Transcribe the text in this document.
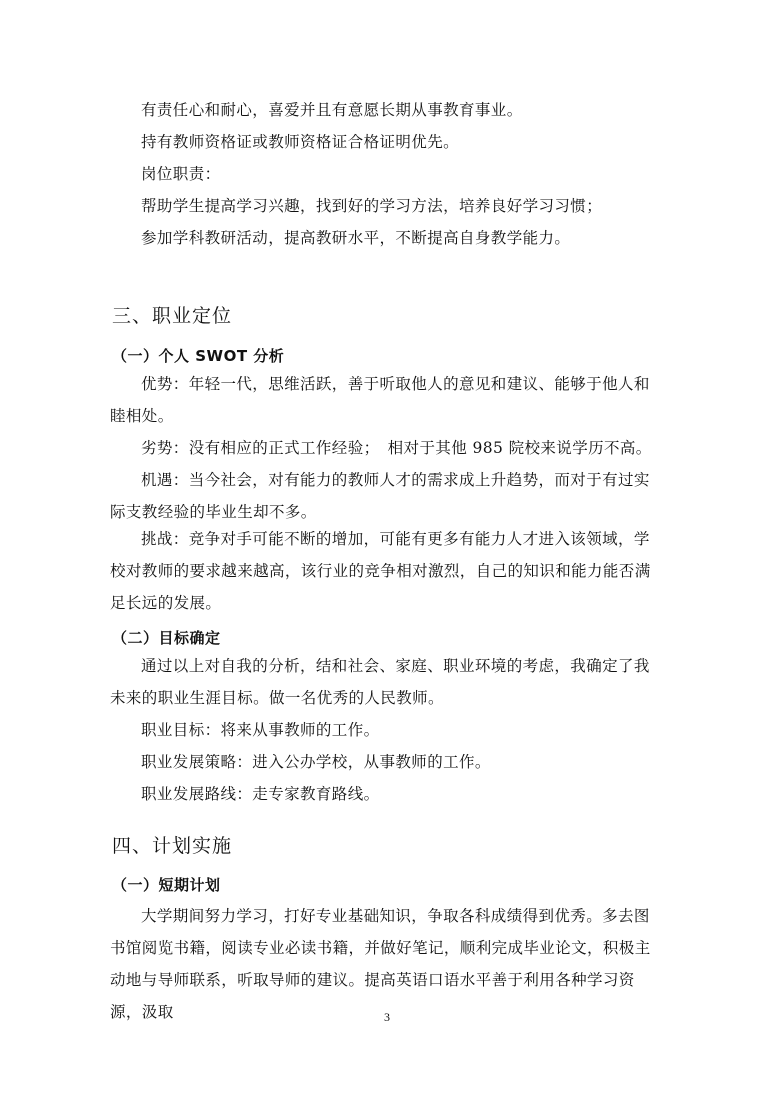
有责任心和耐心，喜爱并且有意愿长期从事教育事业。

持有教师资格证或教师资格证合格证明优先。

岗位职责：

帮助学生提高学习兴趣，找到好的学习方法，培养良好学习习惯；

参加学科教研活动，提高教研水平，不断提高自身教学能力。

三、职业定位
（一）个人 SWOT 分析

优势：年轻一代，思维活跃，善于听取他人的意见和建议、能够于他人和睦相处。

劣势：没有相应的正式工作经验；　相对于其他 985 院校来说学历不高。

机遇：当今社会，对有能力的教师人才的需求成上升趋势，而对于有过实际支教经验的毕业生却不多。

挑战：竞争对手可能不断的增加，可能有更多有能力人才进入该领域，学校对教师的要求越来越高，该行业的竞争相对激烈，自己的知识和能力能否满足长远的发展。

（二）目标确定

通过以上对自我的分析，结和社会、家庭、职业环境的考虑，我确定了我未来的职业生涯目标。做一名优秀的人民教师。

职业目标：将来从事教师的工作。

职业发展策略：进入公办学校，从事教师的工作。

职业发展路线：走专家教育路线。

四、计划实施
（一）短期计划

大学期间努力学习，打好专业基础知识，争取各科成绩得到优秀。多去图书馆阅览书籍，阅读专业必读书籍，并做好笔记，顺利完成毕业论文，积极主动地与导师联系，听取导师的建议。提高英语口语水平善于利用各种学习资源，汲取	3
